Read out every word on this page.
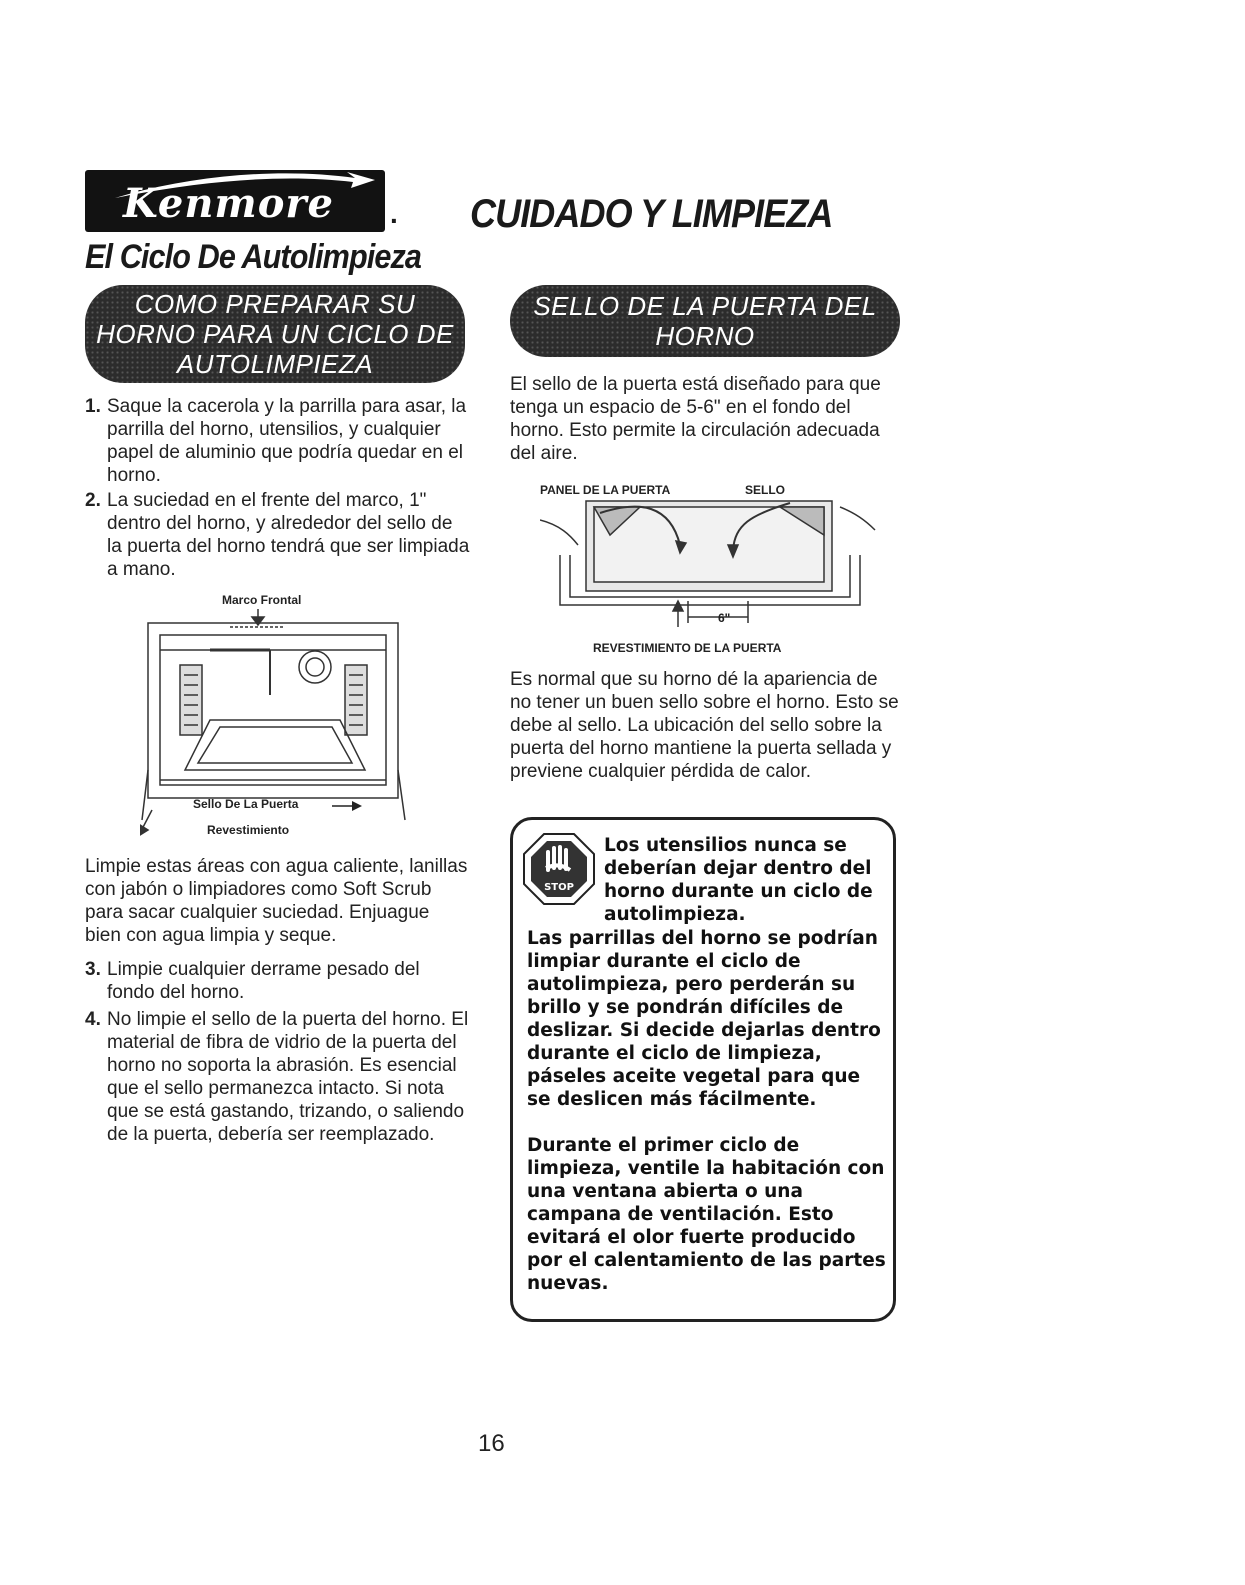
Kenmore . CUIDADO Y LIMPIEZA
El Ciclo De Autolimpieza
COMO PREPARAR SU
HORNO PARA UN CICLO DE
AUTOLIMPIEZA
1. Saque la cacerola y la parrilla para asar, la parrilla del horno, utensilios, y cualquier papel de aluminio que podría quedar en el horno.
2. La suciedad en el frente del marco, 1" dentro del horno, y alrededor del sello de la puerta del horno tendrá que ser limpiada a mano.
Marco Frontal
Sello De La Puerta
Revestimiento
Limpie estas áreas con agua caliente, lanillas con jabón o limpiadores como Soft Scrub para sacar cualquier suciedad. Enjuague bien con agua limpia y seque.
3. Limpie cualquier derrame pesado del fondo del horno.
4. No limpie el sello de la puerta del horno. El material de fibra de vidrio de la puerta del horno no soporta la abrasión. Es esencial que el sello permanezca intacto. Si nota que se está gastando, trizando, o saliendo de la puerta, debería ser reemplazado.
SELLO DE LA PUERTA DEL
HORNO
El sello de la puerta está diseñado para que tenga un espacio de 5-6" en el fondo del horno. Esto permite la circulación adecuada del aire.
PANEL DE LA PUERTA	SELLO
6"
REVESTIMIENTO DE LA PUERTA
Es normal que su horno dé la apariencia de no tener un buen sello sobre el horno. Esto se debe al sello. La ubicación del sello sobre la puerta del horno mantiene la puerta sellada y previene cualquier pérdida de calor.
STOP
Los utensilios nunca se deberían dejar dentro del horno durante un ciclo de autolimpieza.
Las parrillas del horno se podrían limpiar durante el ciclo de autolimpieza, pero perderán su brillo y se pondrán difíciles de deslizar. Si decide dejarlas dentro durante el ciclo de limpieza, páseles aceite vegetal para que se deslicen más fácilmente.
Durante el primer ciclo de limpieza, ventile la habitación con una ventana abierta o una campana de ventilación. Esto evitará el olor fuerte producido por el calentamiento de las partes nuevas.
16
